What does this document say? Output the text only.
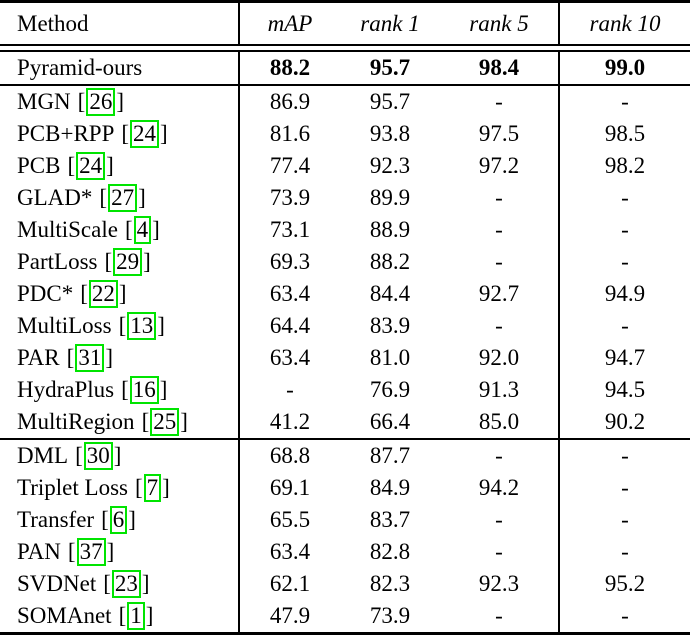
Method	mAP	rank 1	rank 5	rank 10
Pyramid-ours	88.2	95.7	98.4	99.0
MGN [ 26 ]	86.9	95.7	-	-
PCB+RPP [ 24 ]	81.6	93.8	97.5	98.5
PCB [ 24 ]	77.4	92.3	97.2	98.2
GLAD* [ 27 ]	73.9	89.9	-	-
MultiScale [ 4 ]	73.1	88.9	-	-
PartLoss [ 29 ]	69.3	88.2	-	-
PDC* [ 22 ]	63.4	84.4	92.7	94.9
MultiLoss [ 13 ]	64.4	83.9	-	-
PAR [ 31 ]	63.4	81.0	92.0	94.7
HydraPlus [ 16 ]	-	76.9	91.3	94.5
MultiRegion [ 25 ]	41.2	66.4	85.0	90.2
DML [ 30 ]	68.8	87.7	-	-
Triplet Loss [ 7 ]	69.1	84.9	94.2	-
Transfer [ 6 ]	65.5	83.7	-	-
PAN [ 37 ]	63.4	82.8	-	-
SVDNet [ 23 ]	62.1	82.3	92.3	95.2
SOMAnet [ 1 ]	47.9	73.9	-	-
